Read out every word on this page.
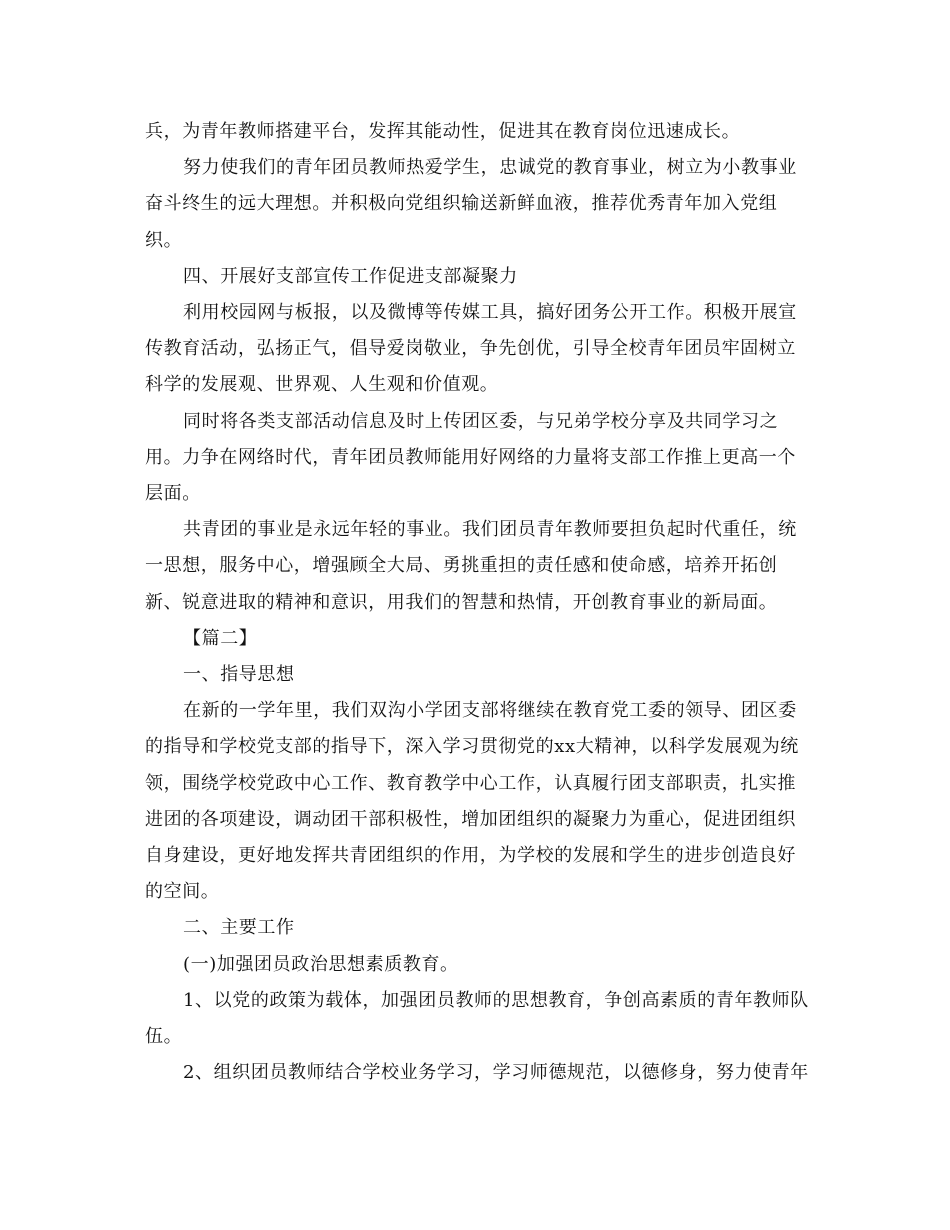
兵，为青年教师搭建平台，发挥其能动性，促进其在教育岗位迅速成长。
努力使我们的青年团员教师热爱学生，忠诚党的教育事业，树立为小教事业
奋斗终生的远大理想。并积极向党组织输送新鲜血液，推荐优秀青年加入党组
织。
四、开展好支部宣传工作促进支部凝聚力
利用校园网与板报，以及微博等传媒工具，搞好团务公开工作。积极开展宣
传教育活动，弘扬正气，倡导爱岗敬业，争先创优，引导全校青年团员牢固树立
科学的发展观、世界观、人生观和价值观。
同时将各类支部活动信息及时上传团区委，与兄弟学校分享及共同学习之
用。力争在网络时代，青年团员教师能用好网络的力量将支部工作推上更高一个
层面。
共青团的事业是永远年轻的事业。我们团员青年教师要担负起时代重任，统
一思想，服务中心，增强顾全大局、勇挑重担的责任感和使命感，培养开拓创
新、锐意进取的精神和意识，用我们的智慧和热情，开创教育事业的新局面。
【篇二】
一、指导思想
在新的一学年里，我们双沟小学团支部将继续在教育党工委的领导、团区委
的指导和学校党支部的指导下，深入学习贯彻党的xx大精神，以科学发展观为统
领，围绕学校党政中心工作、教育教学中心工作，认真履行团支部职责，扎实推
进团的各项建设，调动团干部积极性，增加团组织的凝聚力为重心，促进团组织
自身建设，更好地发挥共青团组织的作用，为学校的发展和学生的进步创造良好
的空间。
二、主要工作
(一)加强团员政治思想素质教育。
1、以党的政策为载体，加强团员教师的思想教育，争创高素质的青年教师队
伍。
2、组织团员教师结合学校业务学习，学习师德规范，以德修身，努力使青年
